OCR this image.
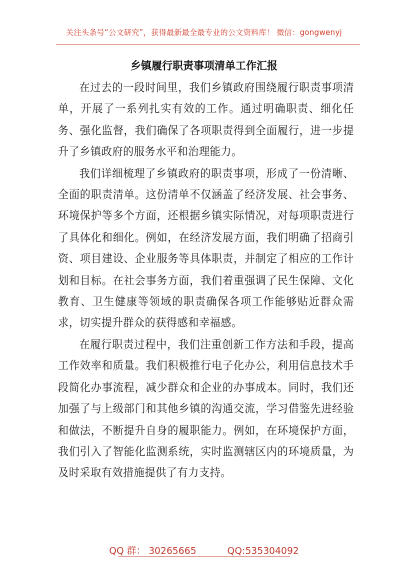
关注头条号“公文研究”，获得最新最全最专业的公文资料库！ 微信：gongwenyj
乡镇履行职责事项清单工作汇报

在过去的一段时间里，我们乡镇政府围绕履行职责事项清单，开展了一系列扎实有效的工作。通过明确职责、细化任务、强化监督，我们确保了各项职责得到全面履行，进一步提升了乡镇政府的服务水平和治理能力。

我们详细梳理了乡镇政府的职责事项，形成了一份清晰、全面的职责清单。这份清单不仅涵盖了经济发展、社会事务、环境保护等多个方面，还根据乡镇实际情况，对每项职责进行了具体化和细化。例如，在经济发展方面，我们明确了招商引资、项目建设、企业服务等具体职责，并制定了相应的工作计划和目标。在社会事务方面，我们着重强调了民生保障、文化教育、卫生健康等领域的职责确保各项工作能够贴近群众需求，切实提升群众的获得感和幸福感。

在履行职责过程中，我们注重创新工作方法和手段，提高工作效率和质量。我们积极推行电子化办公，利用信息技术手段简化办事流程，减少群众和企业的办事成本。同时，我们还加强了与上级部门和其他乡镇的沟通交流，学习借鉴先进经验和做法，不断提升自身的履职能力。例如，在环境保护方面，我们引入了智能化监测系统，实时监测辖区内的环境质量，为及时采取有效措施提供了有力支持。

QQ 群： 30265665	QQ:535304092
